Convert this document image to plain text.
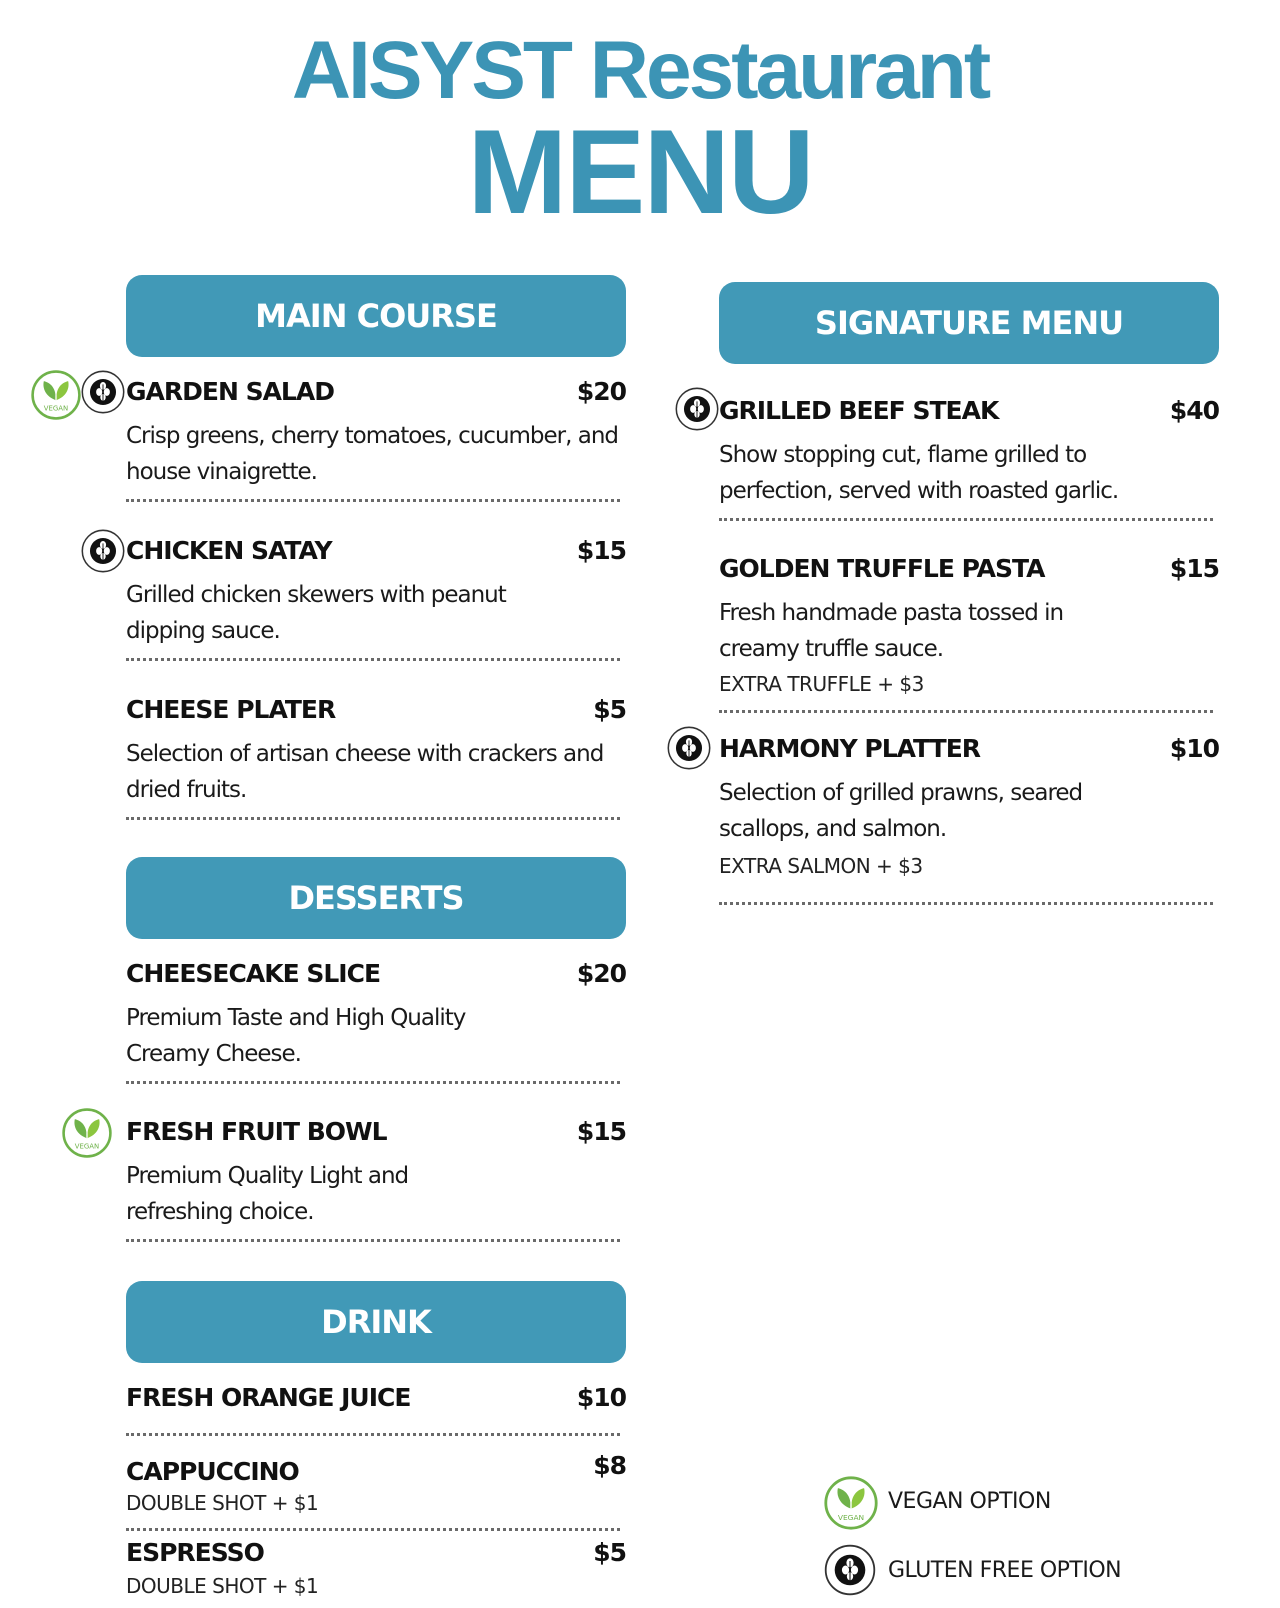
AISYST Restaurant
MENU
MAIN COURSE
GARDEN SALAD	$20
Crisp greens, cherry tomatoes, cucumber, and house vinaigrette.
CHICKEN SATAY	$15
Grilled chicken skewers with peanut dipping sauce.
CHEESE PLATER	$5
Selection of artisan cheese with crackers and dried fruits.
DESSERTS
CHEESECAKE SLICE	$20
Premium Taste and High Quality Creamy Cheese.
FRESH FRUIT BOWL	$15
Premium Quality Light and refreshing choice.
DRINK
FRESH ORANGE JUICE	$10
CAPPUCCINO	$8
DOUBLE SHOT + $1
ESPRESSO	$5
DOUBLE SHOT + $1
SIGNATURE MENU
GRILLED BEEF STEAK	$40
Show stopping cut, flame grilled to perfection, served with roasted garlic.
GOLDEN TRUFFLE PASTA	$15
Fresh handmade pasta tossed in creamy truffle sauce.
EXTRA TRUFFLE + $3
HARMONY PLATTER	$10
Selection of grilled prawns, seared scallops, and salmon.
EXTRA SALMON + $3
VEGAN OPTION
GLUTEN FREE OPTION
